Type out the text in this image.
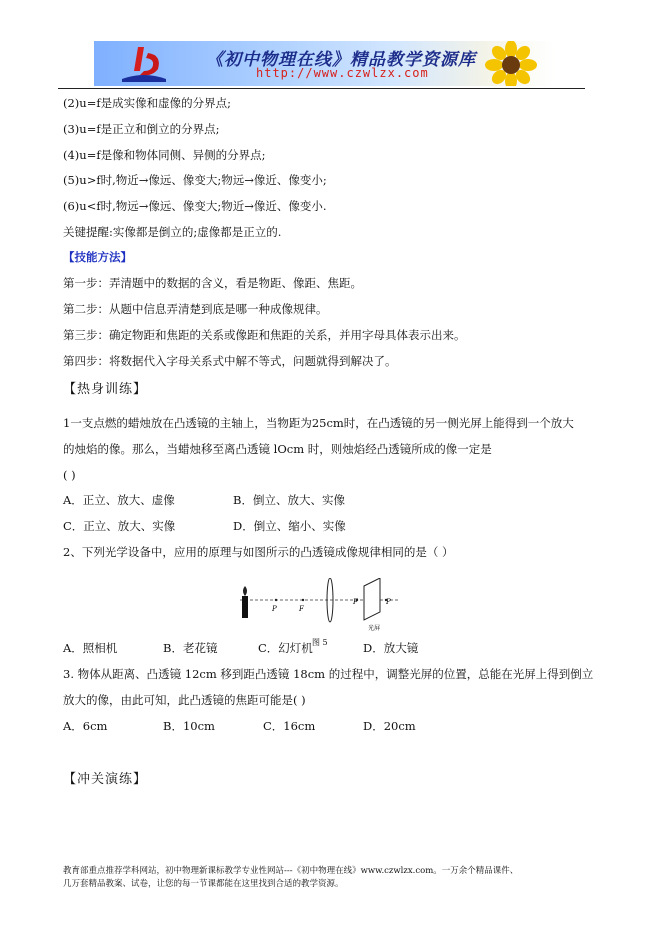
《初中物理在线》精品教学资源库
http://www.czwlzx.com
(2)u=f是成实像和虚像的分界点;
(3)u=f是正立和倒立的分界点;
(4)u=f是像和物体同侧、异侧的分界点;
(5)u>f时,物近→像远、像变大;物远→像近、像变小;
(6)u<f时,物远→像远、像变大;物近→像近、像变小.
关键提醒:实像都是倒立的;虚像都是正立的.
【技能方法】
第一步：弄清题中的数据的含义，看是物距、像距、焦距。
第二步：从题中信息弄清楚到底是哪一种成像规律。
第三步：确定物距和焦距的关系或像距和焦距的关系，并用字母具体表示出来。
第四步：将数据代入字母关系式中解不等式，问题就得到解决了。
【热身训练】
1一支点燃的蜡烛放在凸透镜的主轴上，当物距为25cm时，在凸透镜的另一侧光屏上能得到一个放大
的烛焰的像。那么，当蜡烛移至离凸透镜 lOcm 时，则烛焰经凸透镜所成的像一定是
( )
A．正立、放大、虚像	B．倒立、放大、实像
C．正立、放大、实像	D．倒立、缩小、实像
2、下列光学设备中，应用的原理与如图所示的凸透镜成像规律相同的是（ ）
P	F
F	P
光屏
图 5
A．照相机	B．老花镜	C．幻灯机	D．放大镜
3. 物体从距离、凸透镜 12cm 移到距凸透镜 18cm 的过程中，调整光屏的位置，总能在光屏上得到倒立
放大的像，由此可知，此凸透镜的焦距可能是( )
A．6cm	B．10cm	C．16cm	D．20cm
【冲关演练】
教育部重点推荐学科网站，初中物理新课标教学专业性网站---《初中物理在线》www.czwlzx.com。一万余个精品课件、
几万套精品教案、试卷，让您的每一节课都能在这里找到合适的教学资源。
